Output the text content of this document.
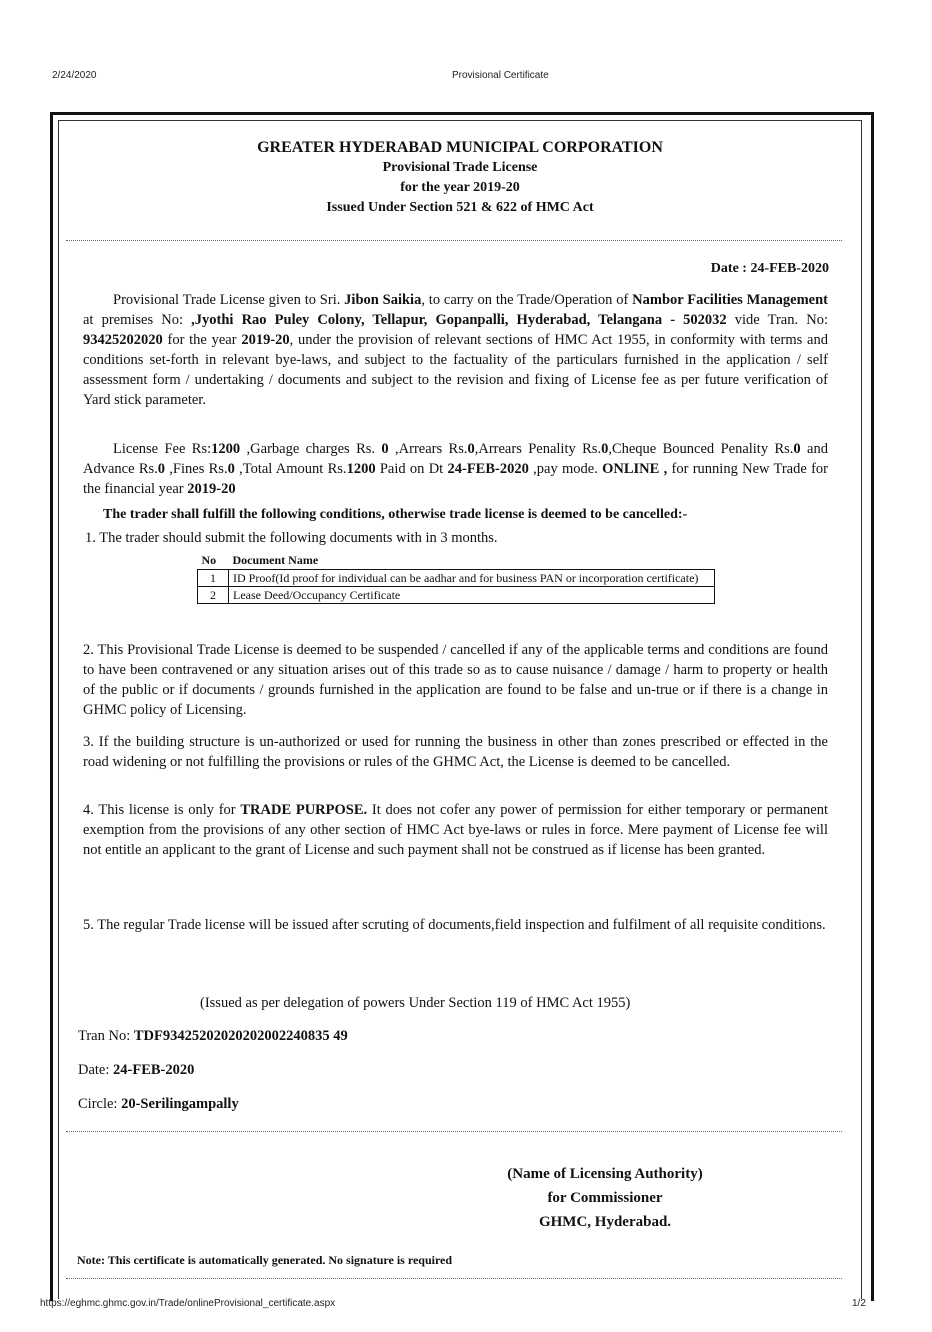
2/24/2020	Provisional Certificate
https://eghmc.ghmc.gov.in/Trade/onlineProvisional_certificate.aspx	1/2
GREATER HYDERABAD MUNICIPAL CORPORATION
Provisional Trade License
for the year 2019-20
Issued Under Section 521 & 622 of HMC Act
Date : 24-FEB-2020
Provisional Trade License given to Sri. Jibon Saikia, to carry on the Trade/Operation of Nambor Facilities Management at premises No: ,Jyothi Rao Puley Colony, Tellapur, Gopanpalli, Hyderabad, Telangana - 502032 vide Tran. No: 93425202020 for the year 2019-20, under the provision of relevant sections of HMC Act 1955, in conformity with terms and conditions set-forth in relevant bye-laws, and subject to the factuality of the particulars furnished in the application / self assessment form / undertaking / documents and subject to the revision and fixing of License fee as per future verification of Yard stick parameter.
License Fee Rs:1200 ,Garbage charges Rs. 0 ,Arrears Rs.0,Arrears Penality Rs.0,Cheque Bounced Penality Rs.0 and Advance Rs.0 ,Fines Rs.0 ,Total Amount Rs.1200 Paid on Dt 24-FEB-2020 ,pay mode. ONLINE , for running New Trade for the financial year 2019-20
The trader shall fulfill the following conditions, otherwise trade license is deemed to be cancelled:-
1. The trader should submit the following documents with in 3 months.
No	Document Name
1	ID Proof(Id proof for individual can be aadhar and for business PAN or incorporation certificate)
2	Lease Deed/Occupancy Certificate
2. This Provisional Trade License is deemed to be suspended / cancelled if any of the applicable terms and conditions are found to have been contravened or any situation arises out of this trade so as to cause nuisance / damage / harm to property or health of the public or if documents / grounds furnished in the application are found to be false and un-true or if there is a change in GHMC policy of Licensing.
3. If the building structure is un-authorized or used for running the business in other than zones prescribed or effected in the road widening or not fulfilling the provisions or rules of the GHMC Act, the License is deemed to be cancelled.
4. This license is only for TRADE PURPOSE. It does not cofer any power of permission for either temporary or permanent exemption from the provisions of any other section of HMC Act bye-laws or rules in force. Mere payment of License fee will not entitle an applicant to the grant of License and such payment shall not be construed as if license has been granted.
5. The regular Trade license will be issued after scruting of documents,field inspection and fulfilment of all requisite conditions.
(Issued as per delegation of powers Under Section 119 of HMC Act 1955)
Tran No: TDF93425202020202002240835 49
Date: 24-FEB-2020
Circle: 20-Serilingampally
(Name of Licensing Authority)
for Commissioner
GHMC, Hyderabad.
Note: This certificate is automatically generated. No signature is required
